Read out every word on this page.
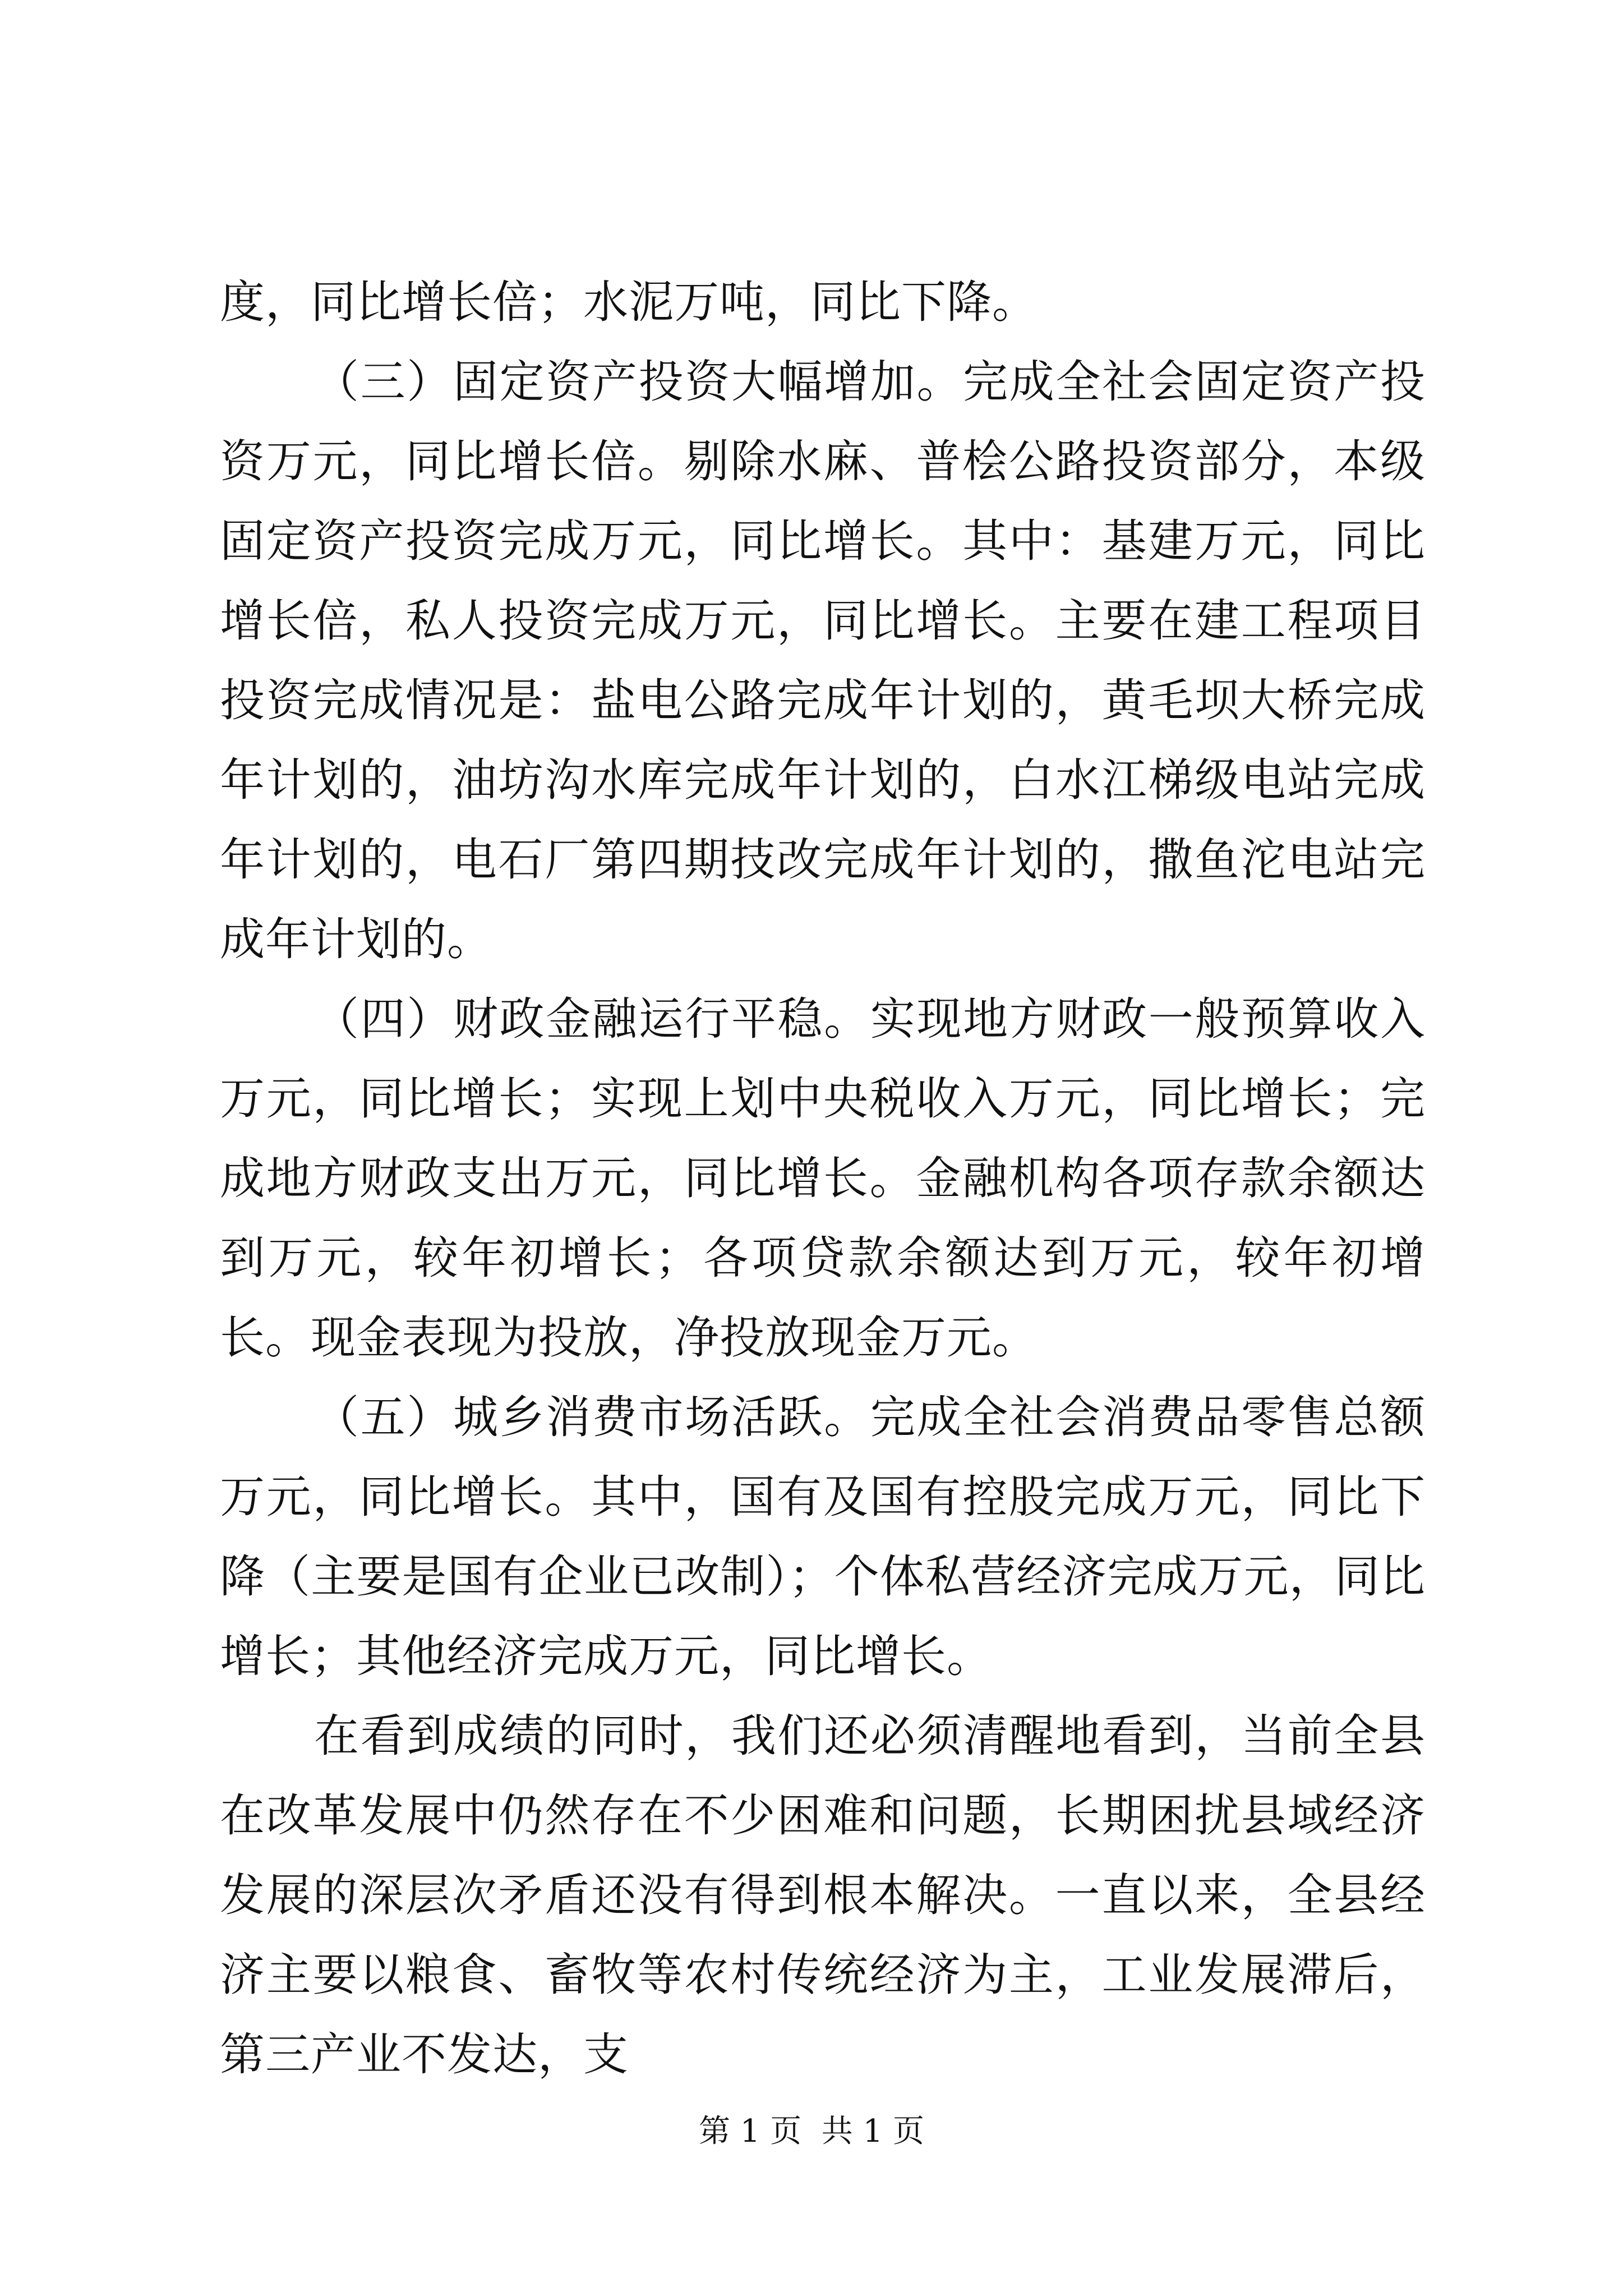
度，同比增长倍；水泥万吨，同比下降。

（三）固定资产投资大幅增加。完成全社会固定资产投资万元，同比增长倍。剔除水麻、普桧公路投资部分，本级固定资产投资完成万元，同比增长。其中：基建万元，同比增长倍，私人投资完成万元，同比增长。主要在建工程项目投资完成情况是：盐电公路完成年计划的，黄毛坝大桥完成年计划的，油坊沟水库完成年计划的，白水江梯级电站完成年计划的，电石厂第四期技改完成年计划的，撒鱼沱电站完成年计划的。

（四）财政金融运行平稳。实现地方财政一般预算收入万元，同比增长；实现上划中央税收入万元，同比增长；完成地方财政支出万元，同比增长。金融机构各项存款余额达到万元，较年初增长；各项贷款余额达到万元，较年初增长。现金表现为投放，净投放现金万元。

（五）城乡消费市场活跃。完成全社会消费品零售总额万元，同比增长。其中，国有及国有控股完成万元，同比下降（主要是国有企业已改制）；个体私营经济完成万元，同比增长；其他经济完成万元，同比增长。

在看到成绩的同时，我们还必须清醒地看到，当前全县在改革发展中仍然存在不少困难和问题，长期困扰县域经济发展的深层次矛盾还没有得到根本解决。一直以来，全县经济主要以粮食、畜牧等农村传统经济为主，工业发展滞后，第三产业不发达，支

第 1 页  共 1 页
